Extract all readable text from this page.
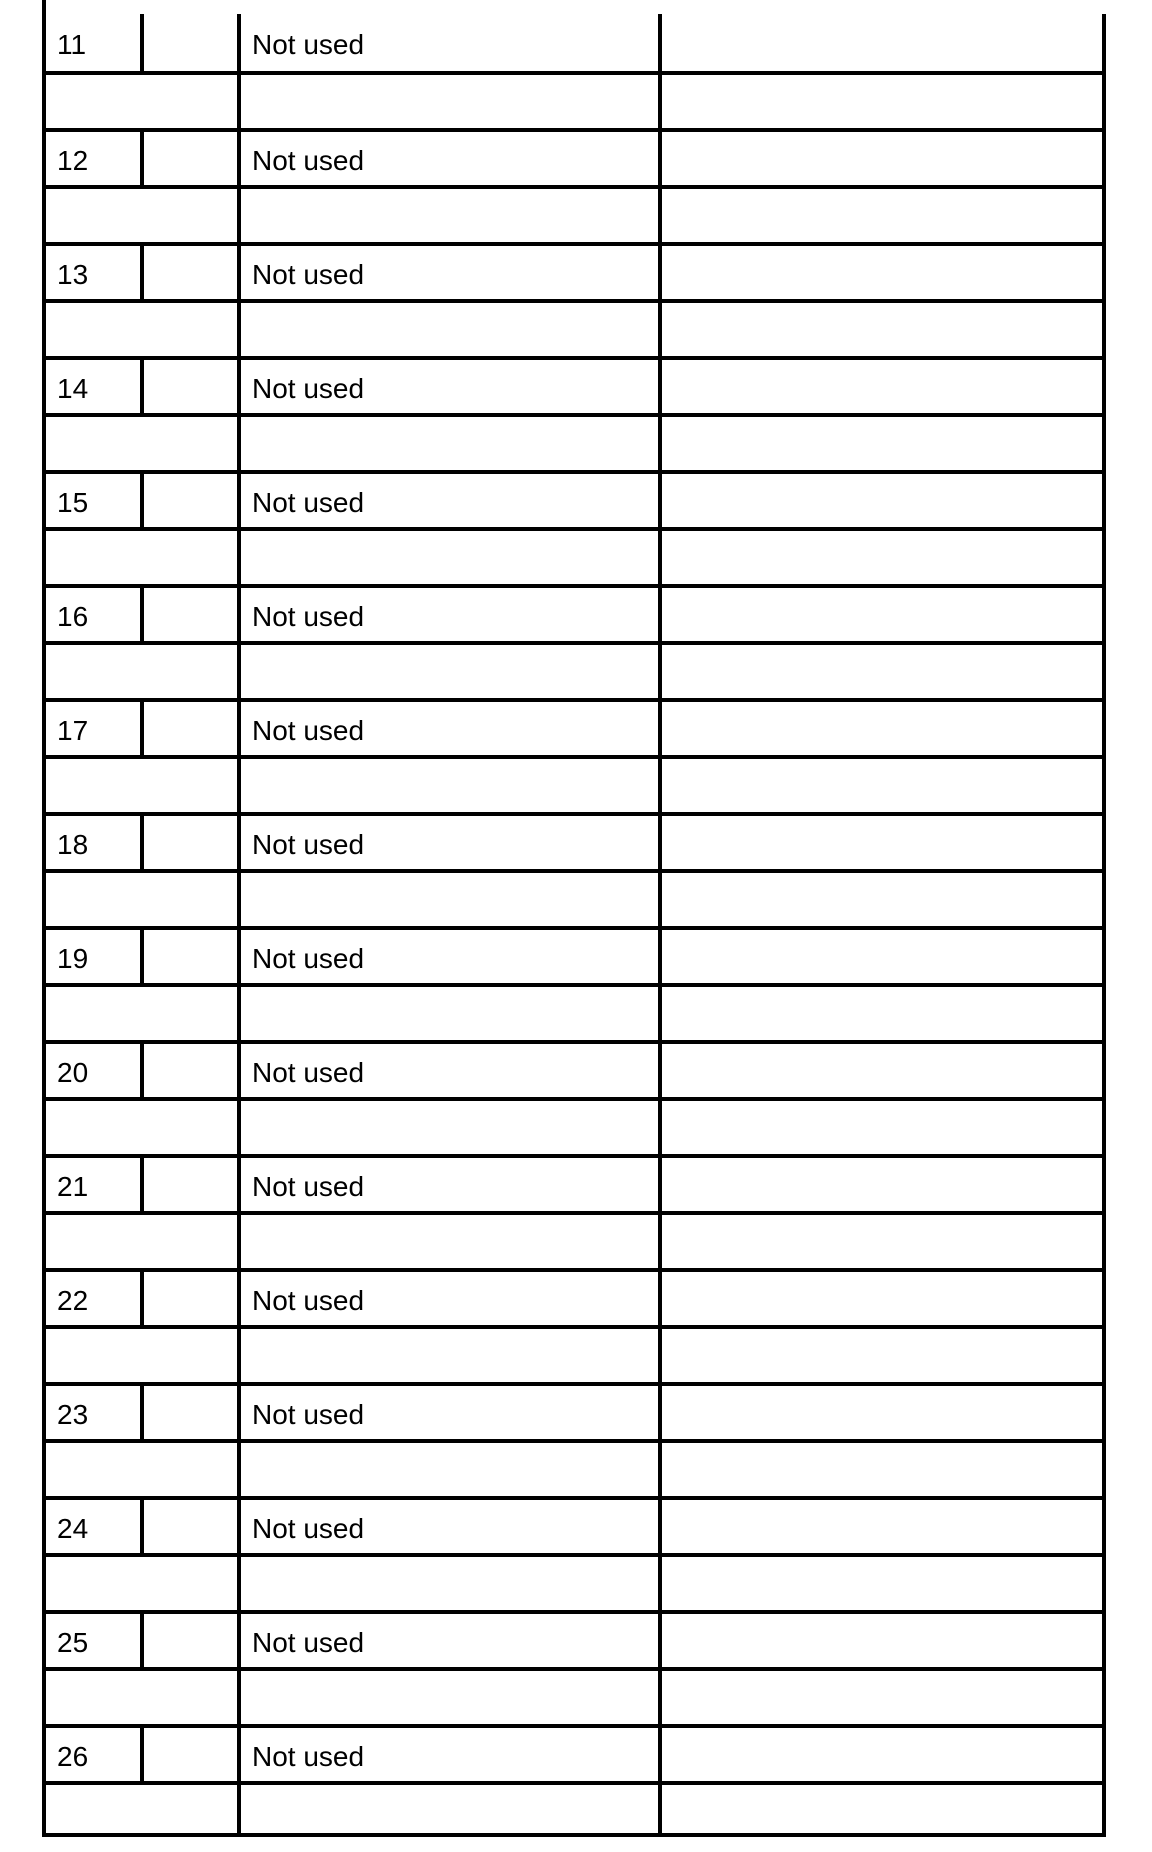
11	Not used
12	Not used
13	Not used
14	Not used
15	Not used
16	Not used
17	Not used
18	Not used
19	Not used
20	Not used
21	Not used
22	Not used
23	Not used
24	Not used
25	Not used
26	Not used
